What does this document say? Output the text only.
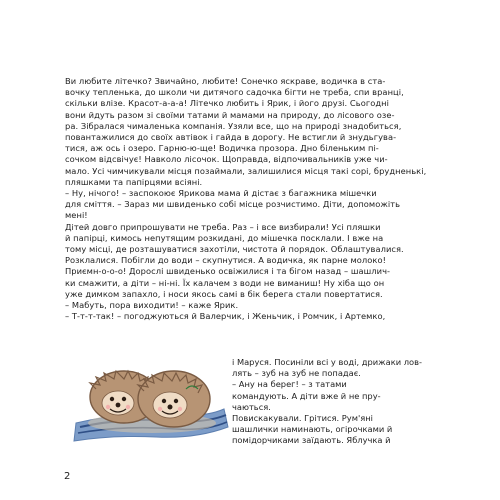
Ви любите літечко? Звичайно, любите! Сонечко яскраве, водичка в ста-

вочку тепленька, до школи чи дитячого садочка бігти не треба, спи вранці,

скільки влізе. Красот-а-а-а! Літечко любить і Ярик, і його друзі. Сьогодні

вони йдуть разом зі своїми татами й мамами на природу, до лісового озе-

ра. Зібралася чималенька компанія. Узяли все, що на природі знадобиться,

повантажилися до своїх автівок і гайда в дорогу. Не встигли й знудьгува-

тися, аж ось і озеро. Гарню-ю-ще! Водичка прозора. Дно біленьким пі-

сочком відсвічує! Навколо лісочок. Щоправда, відпочивальників уже чи-

мало. Усі чимчикували місця позаймали, залишилися місця такі сорі, брудненькі,

пляшками та папірцями всіяні.

– Ну, нічого! – заспокоює Ярикова мама й дістає з багажника мішечки

для сміття. – Зараз ми швиденько собі місце розчистимо. Діти, допоможіть

мені!

Дітей довго припрошувати не треба. Раз – і все визбирали! Усі пляшки

й папірці, кимось непутящим розкидані, до мішечка посклали. І вже на

тому місці, де розташуватися захотіли, чистота й порядок. Облаштувалися.

Розклалися. Побігли до води – скупнутися. А водичка, як парне молоко!

Приємн-о-о-о! Дорослі швиденько освіжилися і та бігом назад – шашлич-

ки смажити, а діти – ні-ні. Їх калачем з води не виманиш! Ну хіба що он

уже димком запахло, і носи якось самі в бік берега стали повертатися.

– Мабуть, пора виходити! – каже Ярик.

– Т-т-т-так! – погоджуються й Валерчик, і Женьчик, і Ромчик, і Артемко,

і Маруся. Посиніли всі у воді, дрижаки лов-

лять – зуб на зуб не попадає.

– Ану на берег! – з татами

командують. А діти вже й не пру-

чаються.

Повискакували. Грітися. Рум'яні

шашлички наминають, огірочками й

помідорчиками заїдають. Яблучка й

2
